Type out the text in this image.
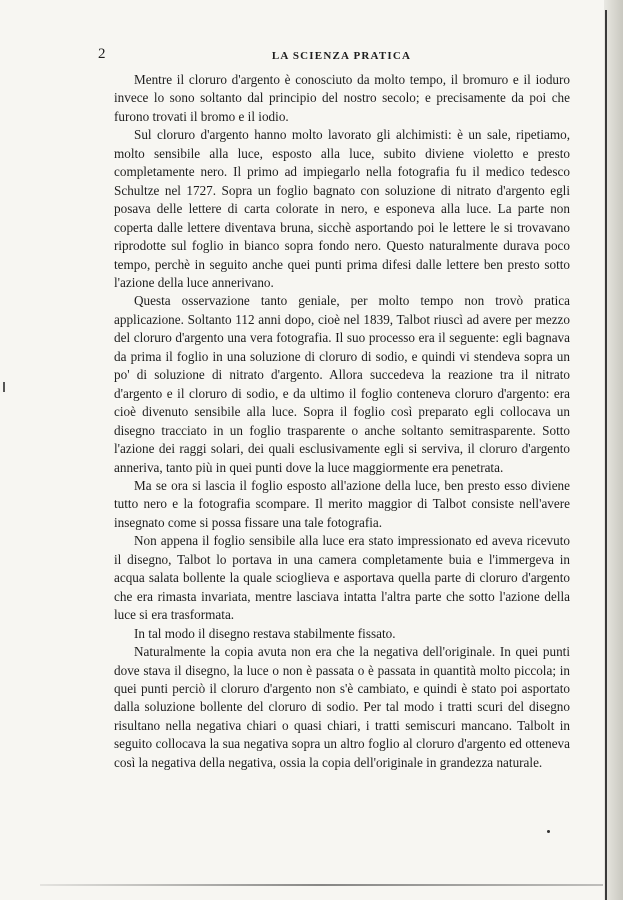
2	LA SCIENZA PRATICA

Mentre il cloruro d'argento è conosciuto da molto tempo, il bromuro e il ioduro invece lo sono soltanto dal principio del nostro secolo; e precisamente da poi che furono trovati il bromo e il iodio.

Sul cloruro d'argento hanno molto lavorato gli alchimisti: è un sale, ripetiamo, molto sensibile alla luce, esposto alla luce, subito diviene violetto e presto completamente nero. Il primo ad impiegarlo nella fotografia fu il medico tedesco Schultze nel 1727. Sopra un foglio bagnato con soluzione di nitrato d'argento egli posava delle lettere di carta colorate in nero, e esponeva alla luce. La parte non coperta dalle lettere diventava bruna, sicchè asportando poi le lettere le si trovavano riprodotte sul foglio in bianco sopra fondo nero. Questo naturalmente durava poco tempo, perchè in seguito anche quei punti prima difesi dalle lettere ben presto sotto l'azione della luce annerivano.

Questa osservazione tanto geniale, per molto tempo non trovò pratica applicazione. Soltanto 112 anni dopo, cioè nel 1839, Talbot riuscì ad avere per mezzo del cloruro d'argento una vera fotografia. Il suo processo era il seguente: egli bagnava da prima il foglio in una soluzione di cloruro di sodio, e quindi vi stendeva sopra un po' di soluzione di nitrato d'argento. Allora succedeva la reazione tra il nitrato d'argento e il cloruro di sodio, e da ultimo il foglio conteneva cloruro d'argento: era cioè divenuto sensibile alla luce. Sopra il foglio così preparato egli collocava un disegno tracciato in un foglio trasparente o anche soltanto semitrasparente. Sotto l'azione dei raggi solari, dei quali esclusivamente egli si serviva, il cloruro d'argento anneriva, tanto più in quei punti dove la luce maggiormente era penetrata.

Ma se ora si lascia il foglio esposto all'azione della luce, ben presto esso diviene tutto nero e la fotografia scompare. Il merito maggior di Talbot consiste nell'avere insegnato come si possa fissare una tale fotografia.

Non appena il foglio sensibile alla luce era stato impressionato ed aveva ricevuto il disegno, Talbot lo portava in una camera completamente buia e l'immergeva in acqua salata bollente la quale scioglieva e asportava quella parte di cloruro d'argento che era rimasta invariata, mentre lasciava intatta l'altra parte che sotto l'azione della luce si era trasformata.

In tal modo il disegno restava stabilmente fissato.

Naturalmente la copia avuta non era che la negativa dell'originale. In quei punti dove stava il disegno, la luce o non è passata o è passata in quantità molto piccola; in quei punti perciò il cloruro d'argento non s'è cambiato, e quindi è stato poi asportato dalla soluzione bollente del cloruro di sodio. Per tal modo i tratti scuri del disegno risultano nella negativa chiari o quasi chiari, i tratti semiscuri mancano. Talbolt in seguito collocava la sua negativa sopra un altro foglio al cloruro d'argento ed otteneva così la negativa della negativa, ossia la copia dell'originale in grandezza naturale.
